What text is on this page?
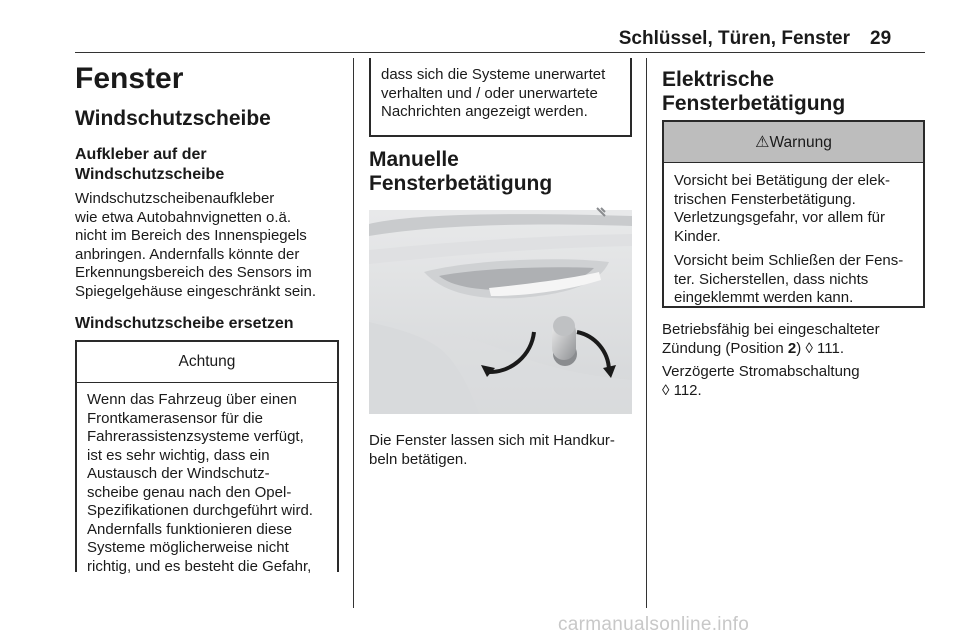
Schlüssel, Türen, Fenster 29
Fenster
Windschutzscheibe
Aufkleber auf der
Windschutzscheibe

Windschutzscheibenaufkleber

wie etwa Autobahnvignetten o.ä.

nicht im Bereich des Innenspiegels

anbringen. Andernfalls könnte der

Erkennungsbereich des Sensors im

Spiegelgehäuse eingeschränkt sein.

Windschutzscheibe ersetzen
Achtung

Wenn das Fahrzeug über einen

Frontkamerasensor für die

Fahrerassistenzsysteme verfügt,

ist es sehr wichtig, dass ein

Austausch der Windschutz-

scheibe genau nach den Opel-

Spezifikationen durchgeführt wird.

Andernfalls funktionieren diese

Systeme möglicherweise nicht

richtig, und es besteht die Gefahr,

dass sich die Systeme unerwartet

verhalten und / oder unerwartete

Nachrichten angezeigt werden.

Manuelle
Fensterbetätigung

Die Fenster lassen sich mit Handkur-

beln betätigen.

Elektrische
Fensterbetätigung
⚠Warnung

Vorsicht bei Betätigung der elek-

trischen Fensterbetätigung.

Verletzungsgefahr, vor allem für

Kinder.

Vorsicht beim Schließen der Fens-

ter. Sicherstellen, dass nichts

eingeklemmt werden kann.

Betriebsfähig bei eingeschalteter

Zündung (Position 2) ◊ 111.

Verzögerte Stromabschaltung

◊ 112.

carmanualsonline.info
